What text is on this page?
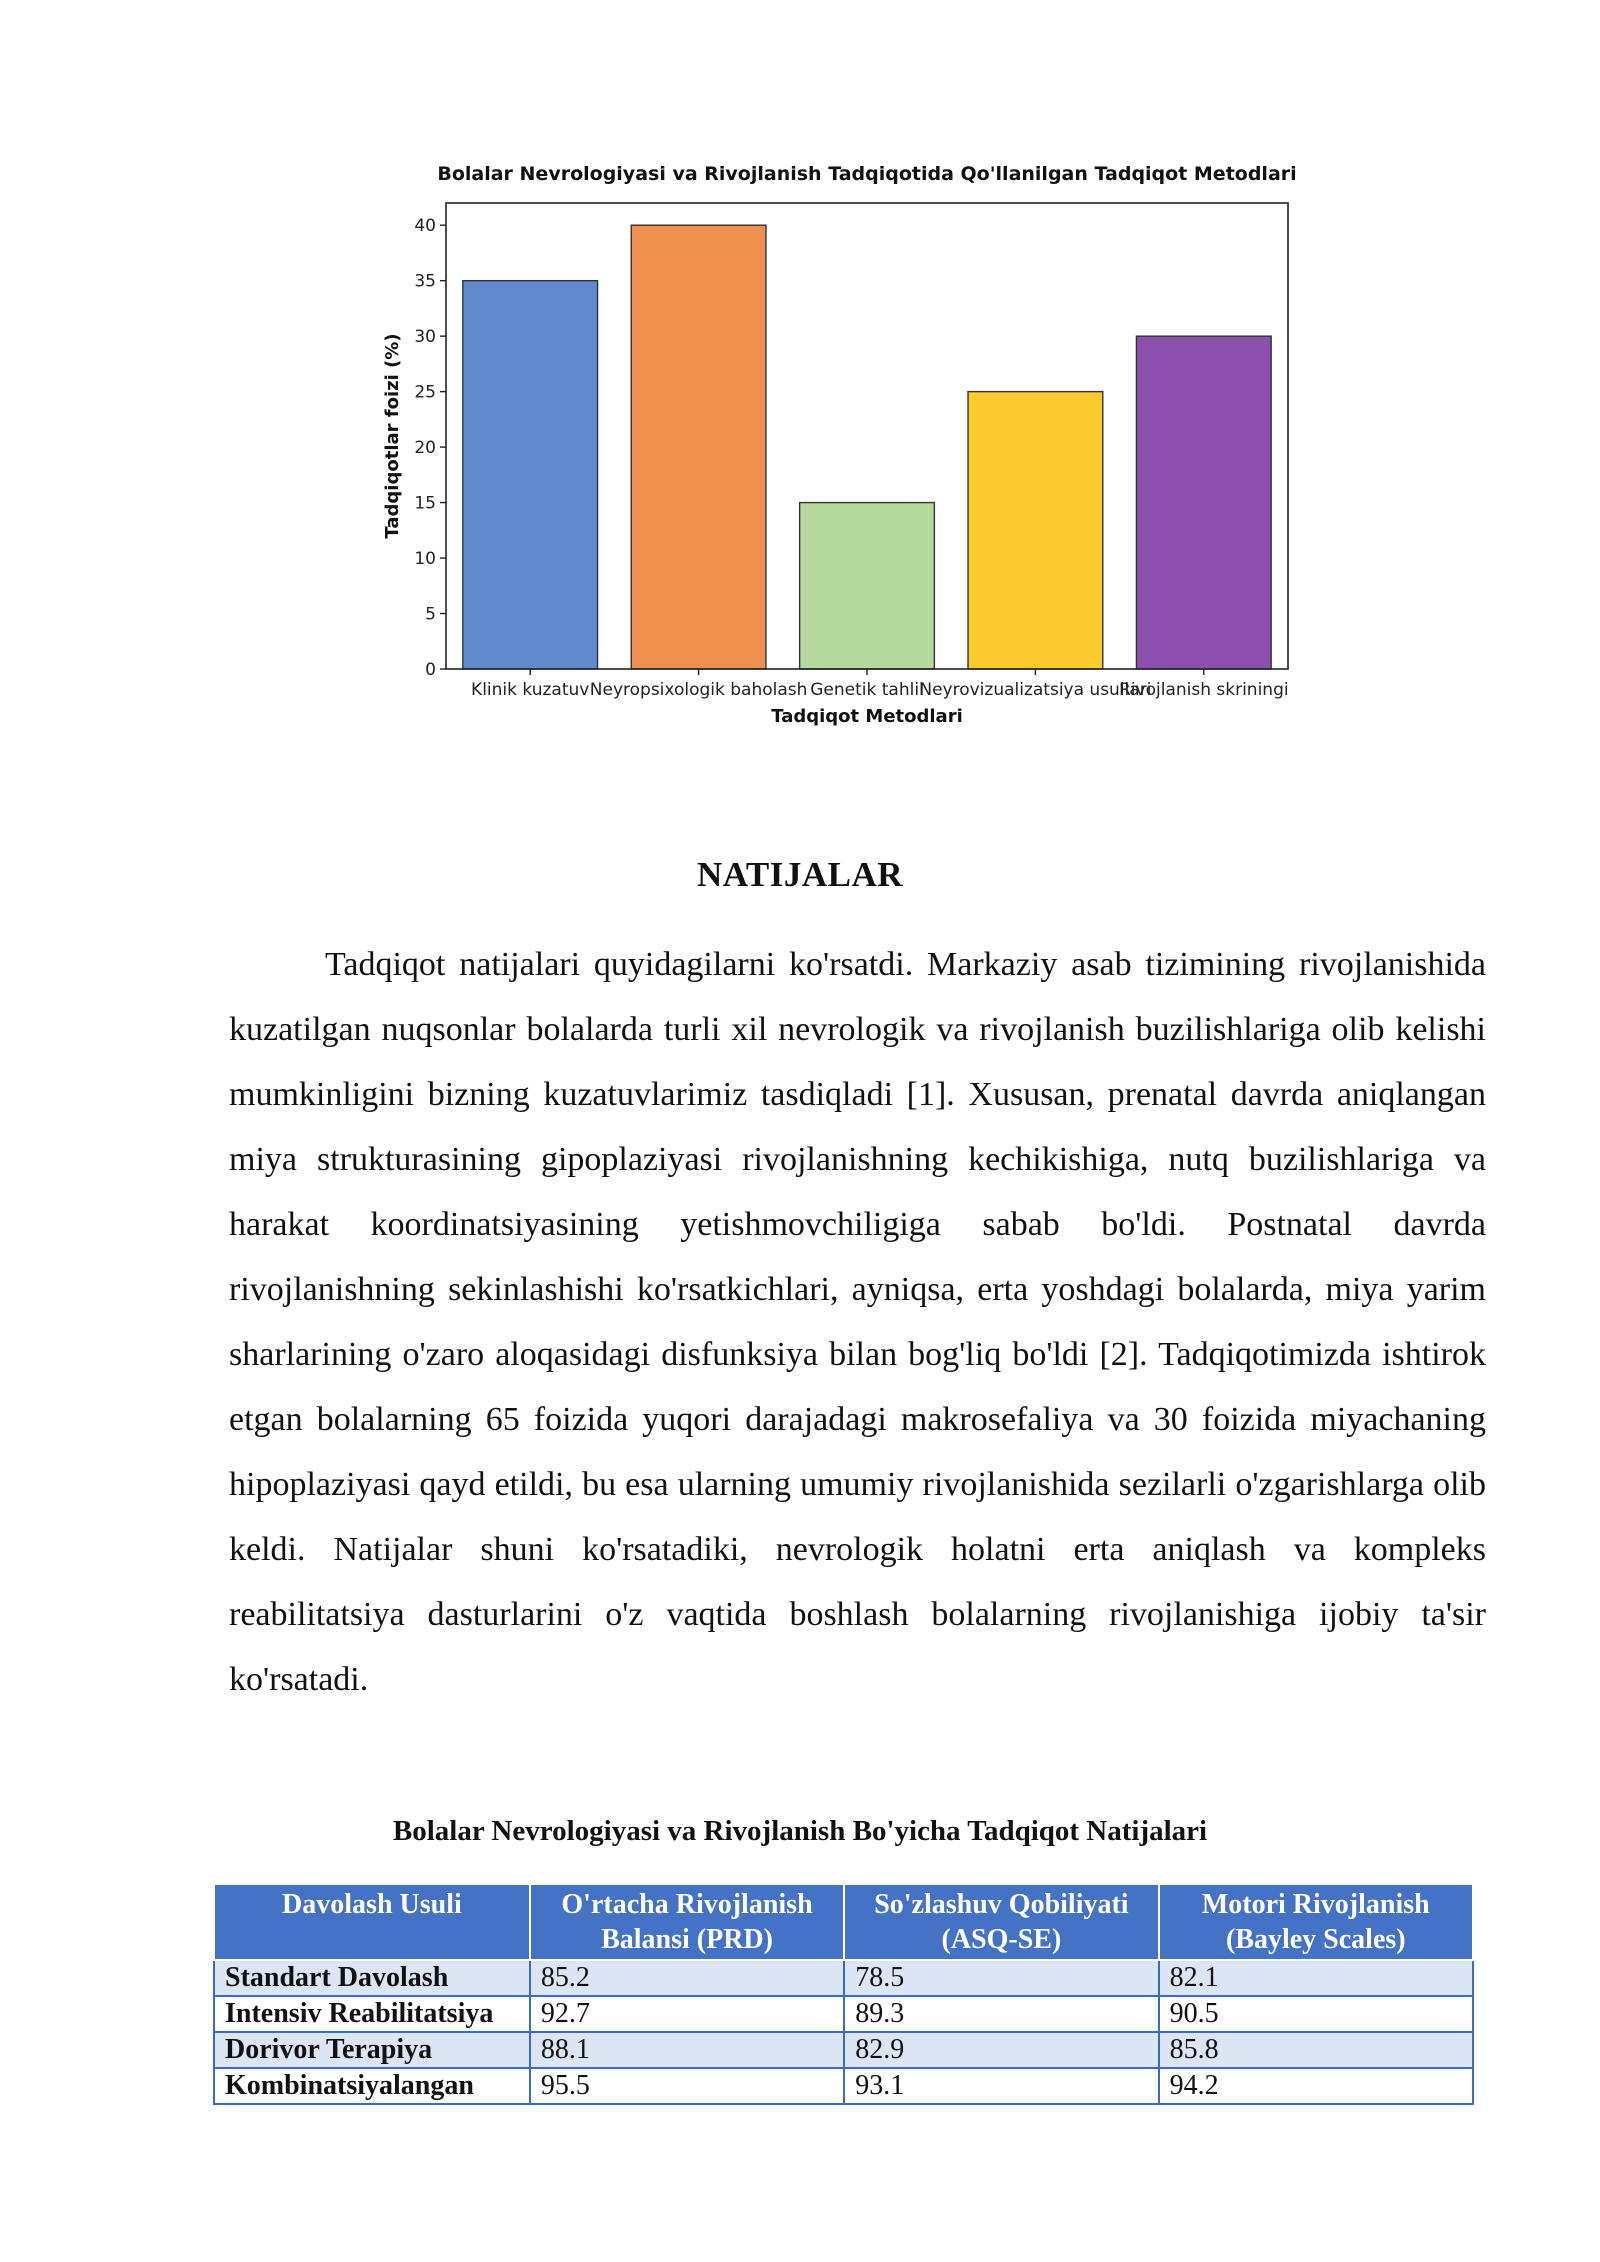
Bolalar Nevrologiyasi va Rivojlanish Tadqiqotida Qo'llanilgan Tadqiqot Metodlari
0
5
10
15
20
25
30
35
40
Klinik kuzatuv Neyropsixologik baholash Genetik tahlil
Neyrovizualizatsiya usullari
Rivojlanish skriningi
Tadqiqotlar foizi (%)
Tadqiqot Metodlari
NATIJALAR

Tadqiqot natijalari quyidagilarni ko'rsatdi. Markaziy asab tizimining rivojlanishida kuzatilgan nuqsonlar bolalarda turli xil nevrologik va rivojlanish buzilishlariga olib kelishi mumkinligini bizning kuzatuvlarimiz tasdiqladi [1]. Xususan, prenatal davrda aniqlangan miya strukturasining gipoplaziyasi rivojlanishning kechikishiga, nutq buzilishlariga va harakat koordinatsiyasining yetishmovchiligiga sabab bo'ldi. Postnatal davrda rivojlanishning sekinlashishi ko'rsatkichlari, ayniqsa, erta yoshdagi bolalarda, miya yarim sharlarining o'zaro aloqasidagi disfunksiya bilan bog'liq bo'ldi [2]. Tadqiqotimizda ishtirok etgan bolalarning 65 foizida yuqori darajadagi makrosefaliya va 30 foizida miyachaning hipoplaziyasi qayd etildi, bu esa ularning umumiy rivojlanishida sezilarli o'zgarishlarga olib keldi. Natijalar shuni ko'rsatadiki, nevrologik holatni erta aniqlash va kompleks reabilitatsiya dasturlarini o'z vaqtida boshlash bolalarning rivojlanishiga ijobiy ta'sir ko'rsatadi.

Bolalar Nevrologiyasi va Rivojlanish Bo'yicha Tadqiqot Natijalari

Davolash Usuli	O'rtacha Rivojlanish Balansi (PRD)	So'zlashuv Qobiliyati (ASQ-SE)	Motori Rivojlanish (Bayley Scales)
Standart Davolash	85.2	78.5	82.1
Intensiv Reabilitatsiya	92.7	89.3	90.5
Dorivor Terapiya	88.1	82.9	85.8
Kombinatsiyalangan	95.5	93.1	94.2
